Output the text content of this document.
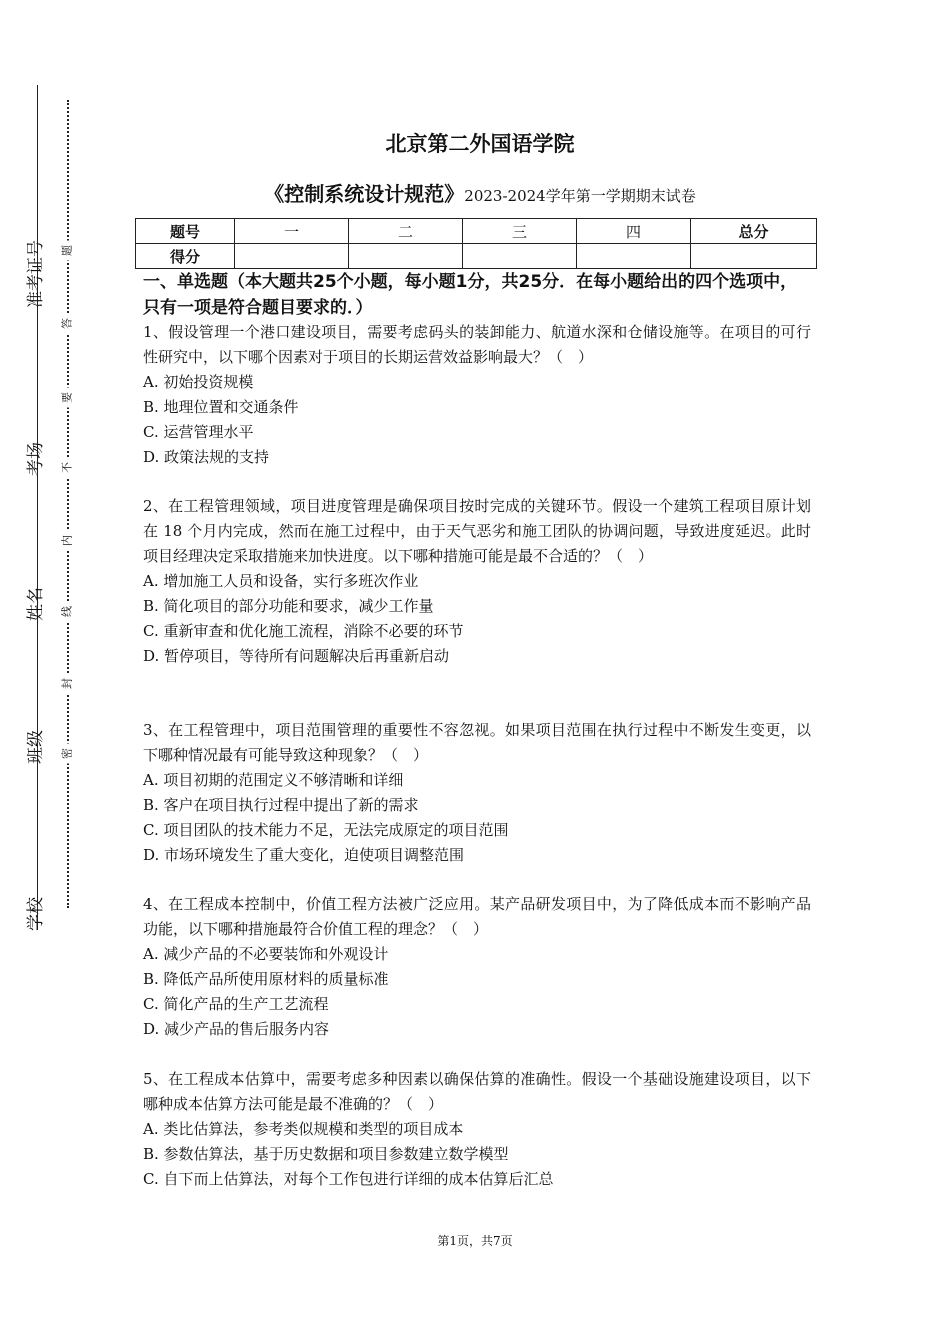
准考证号
考场
姓名
班级
学校
题
答
要
不
内
线
封
密
北京第二外国语学院
《控制系统设计规范》2023-2024学年第一学期期末试卷
题号	一	二	三	四	总分
得分					
一、单选题（本大题共25个小题，每小题1分，共25分．在每小题给出的四个选项中，只有一项是符合题目要求的．）
1、假设管理一个港口建设项目，需要考虑码头的装卸能力、航道水深和仓储设施等。在项目的可行性研究中，以下哪个因素对于项目的长期运营效益影响最大？（　）
A. 初始投资规模
B. 地理位置和交通条件
C. 运营管理水平
D. 政策法规的支持
2、在工程管理领域，项目进度管理是确保项目按时完成的关键环节。假设一个建筑工程项目原计划在 18 个月内完成，然而在施工过程中，由于天气恶劣和施工团队的协调问题，导致进度延迟。此时项目经理决定采取措施来加快进度。以下哪种措施可能是最不合适的？（　）
A. 增加施工人员和设备，实行多班次作业
B. 简化项目的部分功能和要求，减少工作量
C. 重新审查和优化施工流程，消除不必要的环节
D. 暂停项目，等待所有问题解决后再重新启动
3、在工程管理中，项目范围管理的重要性不容忽视。如果项目范围在执行过程中不断发生变更，以下哪种情况最有可能导致这种现象？（　）
A. 项目初期的范围定义不够清晰和详细
B. 客户在项目执行过程中提出了新的需求
C. 项目团队的技术能力不足，无法完成原定的项目范围
D. 市场环境发生了重大变化，迫使项目调整范围
4、在工程成本控制中，价值工程方法被广泛应用。某产品研发项目中，为了降低成本而不影响产品功能，以下哪种措施最符合价值工程的理念？（　）
A. 减少产品的不必要装饰和外观设计
B. 降低产品所使用原材料的质量标准
C. 简化产品的生产工艺流程
D. 减少产品的售后服务内容
5、在工程成本估算中，需要考虑多种因素以确保估算的准确性。假设一个基础设施建设项目，以下哪种成本估算方法可能是最不准确的？（　）
A. 类比估算法，参考类似规模和类型的项目成本
B. 参数估算法，基于历史数据和项目参数建立数学模型
C. 自下而上估算法，对每个工作包进行详细的成本估算后汇总
第1页，共7页
